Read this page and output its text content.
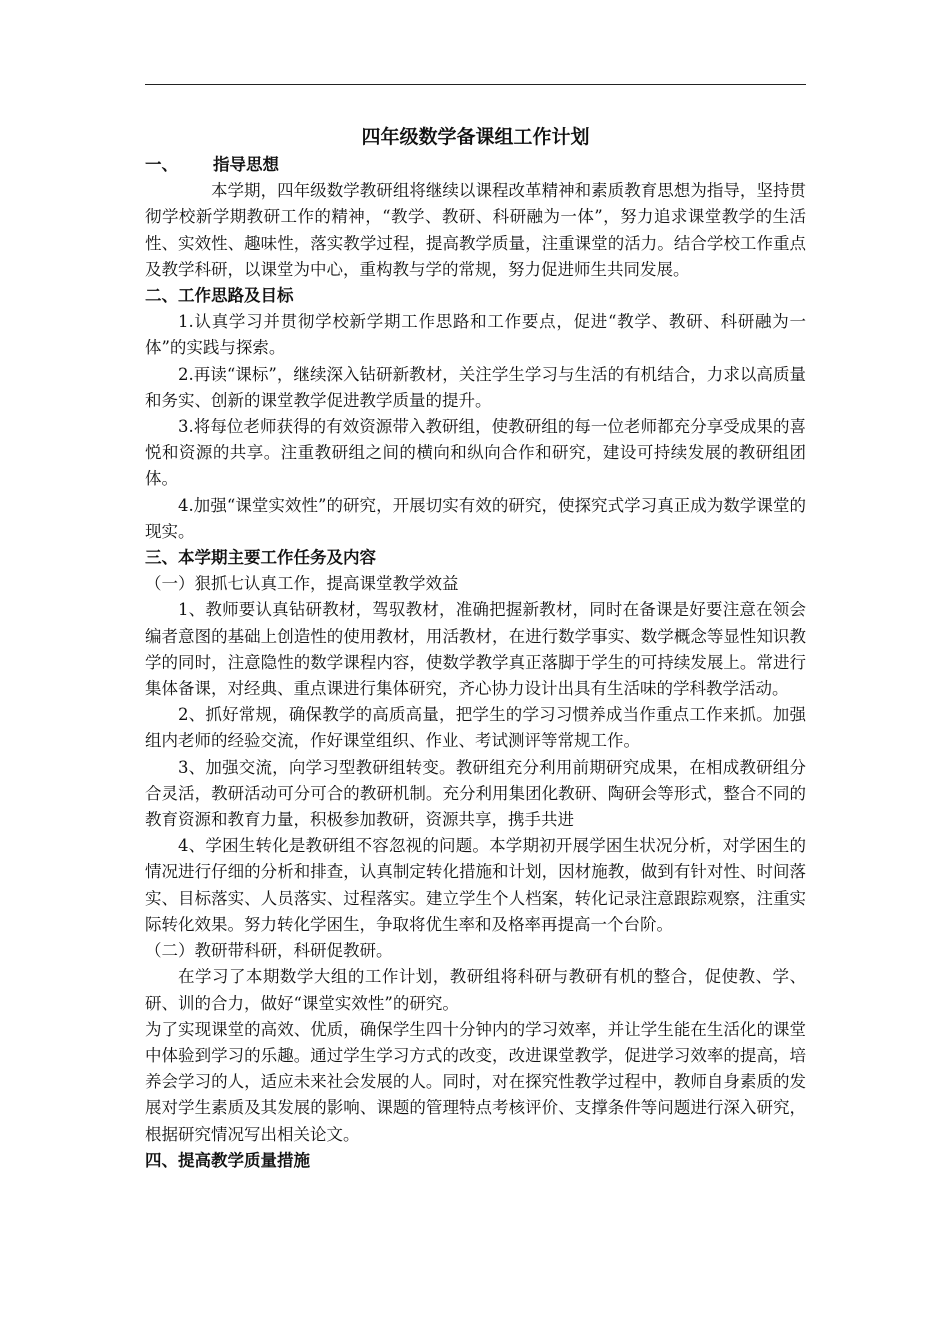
四年级数学备课组工作计划
一、	指导思想

本学期，四年级数学教研组将继续以课程改革精神和素质教育思想为指导，坚持贯彻学校新学期教研工作的精神，“教学、教研、科研融为一体”，努力追求课堂教学的生活性、实效性、趣味性，落实教学过程，提高教学质量，注重课堂的活力。结合学校工作重点及教学科研，以课堂为中心，重构教与学的常规，努力促进师生共同发展。

二、工作思路及目标

1.认真学习并贯彻学校新学期工作思路和工作要点，促进“教学、教研、科研融为一体”的实践与探索。

2.再读“课标”，继续深入钻研新教材，关注学生学习与生活的有机结合，力求以高质量和务实、创新的课堂教学促进教学质量的提升。

3.将每位老师获得的有效资源带入教研组，使教研组的每一位老师都充分享受成果的喜悦和资源的共享。注重教研组之间的横向和纵向合作和研究，建设可持续发展的教研组团体。

4.加强“课堂实效性”的研究，开展切实有效的研究，使探究式学习真正成为数学课堂的现实。

三、本学期主要工作任务及内容
（一）狠抓七认真工作，提高课堂教学效益

1、教师要认真钻研教材，驾驭教材，准确把握新教材，同时在备课是好要注意在领会编者意图的基础上创造性的使用教材，用活教材，在进行数学事实、数学概念等显性知识教学的同时，注意隐性的数学课程内容，使数学教学真正落脚于学生的可持续发展上。常进行集体备课，对经典、重点课进行集体研究，齐心协力设计出具有生活味的学科教学活动。

2、抓好常规，确保教学的高质高量，把学生的学习习惯养成当作重点工作来抓。加强组内老师的经验交流，作好课堂组织、作业、考试测评等常规工作。

3、加强交流，向学习型教研组转变。教研组充分利用前期研究成果，在相成教研组分合灵活，教研活动可分可合的教研机制。充分利用集团化教研、陶研会等形式，整合不同的教育资源和教育力量，积极参加教研，资源共享，携手共进

4、学困生转化是教研组不容忽视的问题。本学期初开展学困生状况分析，对学困生的情况进行仔细的分析和排查，认真制定转化措施和计划，因材施教，做到有针对性、时间落实、目标落实、人员落实、过程落实。建立学生个人档案，转化记录注意跟踪观察，注重实际转化效果。努力转化学困生，争取将优生率和及格率再提高一个台阶。

（二）教研带科研，科研促教研。

在学习了本期数学大组的工作计划，教研组将科研与教研有机的整合，促使教、学、研、训的合力，做好“课堂实效性”的研究。

为了实现课堂的高效、优质，确保学生四十分钟内的学习效率，并让学生能在生活化的课堂中体验到学习的乐趣。通过学生学习方式的改变，改进课堂教学，促进学习效率的提高，培养会学习的人，适应未来社会发展的人。同时，对在探究性教学过程中，教师自身素质的发展对学生素质及其发展的影响、课题的管理特点考核评价、支撑条件等问题进行深入研究，根据研究情况写出相关论文。

四、提高教学质量措施
